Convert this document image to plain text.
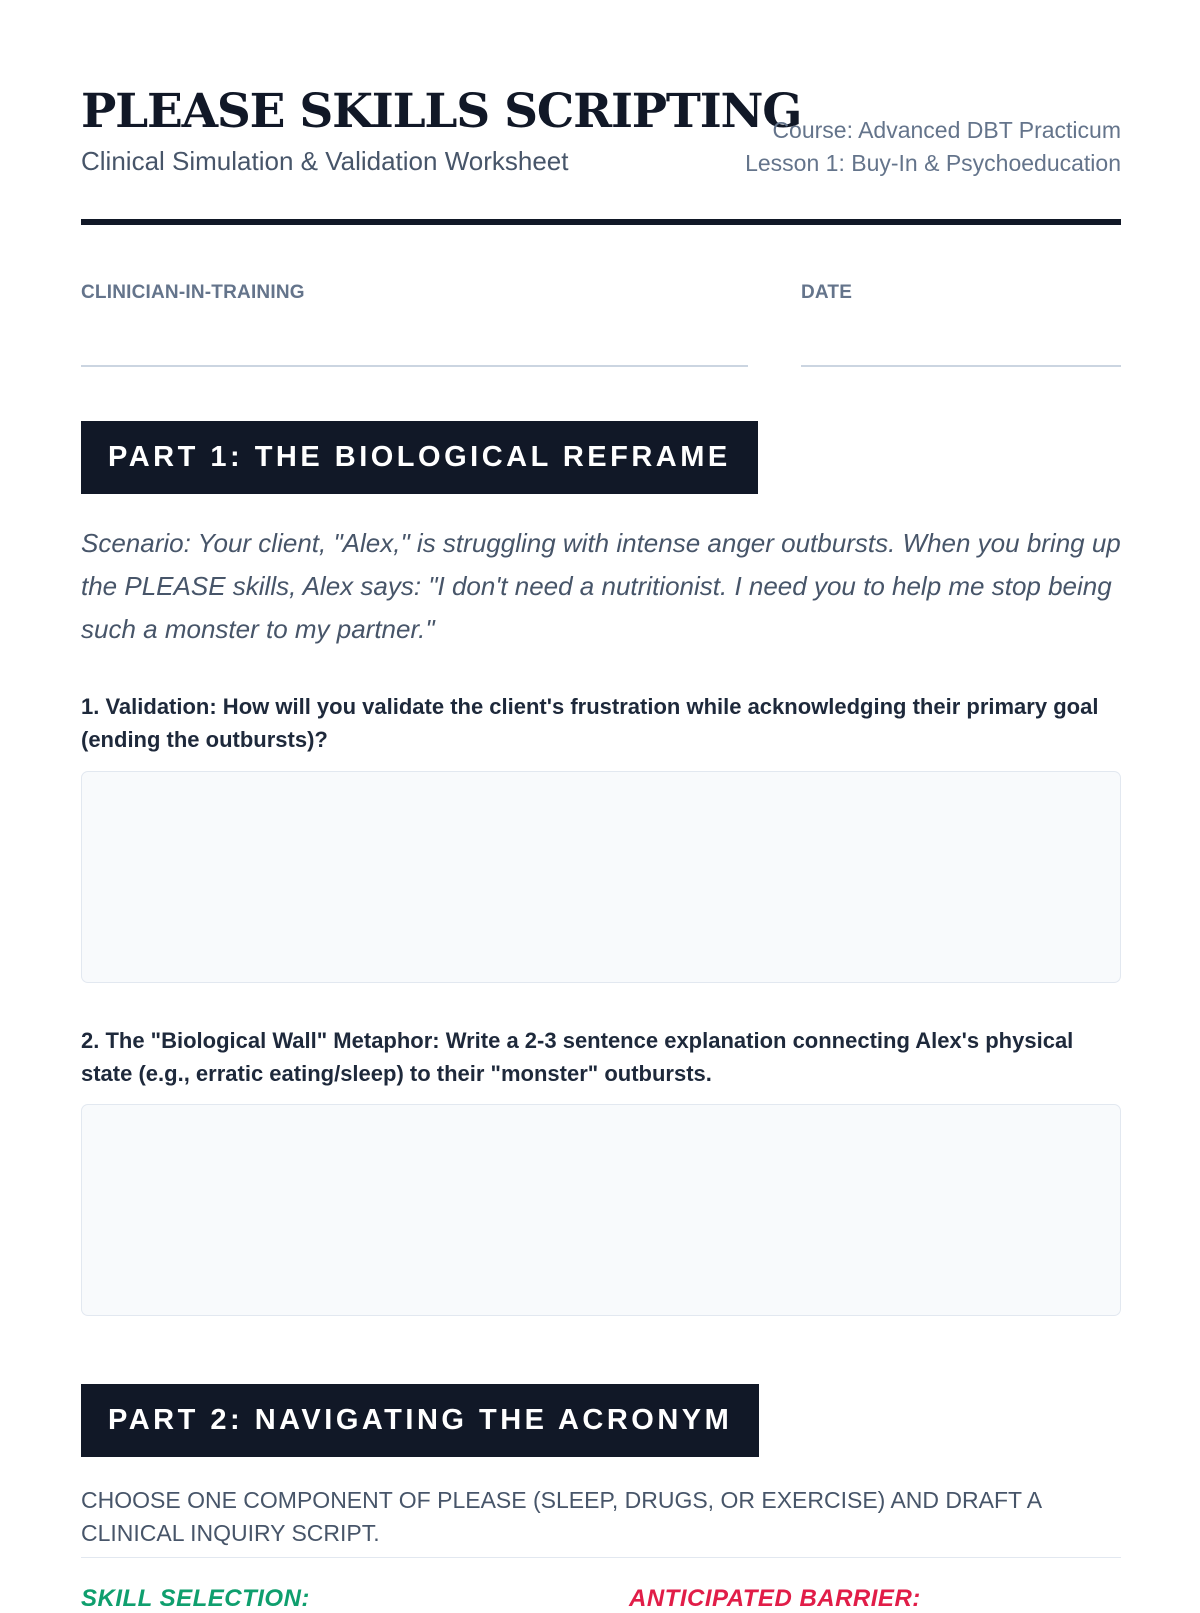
PLEASE SKILLS SCRIPTING
Clinical Simulation & Validation Worksheet
Course: Advanced DBT Practicum
Lesson 1: Buy-In & Psychoeducation
CLINICIAN-IN-TRAINING	DATE
PART 1: THE BIOLOGICAL REFRAME
Scenario: Your client, "Alex," is struggling with intense anger outbursts. When you bring up the PLEASE skills, Alex says: "I don't need a nutritionist. I need you to help me stop being such a monster to my partner."
1. Validation: How will you validate the client's frustration while acknowledging their primary goal (ending the outbursts)?
2. The "Biological Wall" Metaphor: Write a 2-3 sentence explanation connecting Alex's physical state (e.g., erratic eating/sleep) to their "monster" outbursts.
PART 2: NAVIGATING THE ACRONYM
CHOOSE ONE COMPONENT OF PLEASE (SLEEP, DRUGS, OR EXERCISE) AND DRAFT A CLINICAL INQUIRY SCRIPT.
SKILL SELECTION:	ANTICIPATED BARRIER:
